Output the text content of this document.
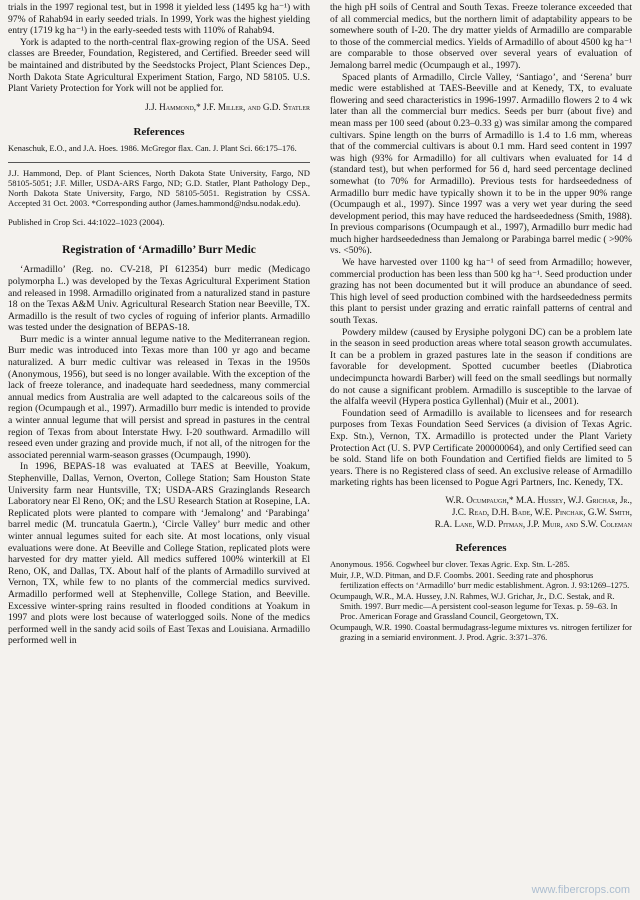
trials in the 1997 regional test, but in 1998 it yielded less (1495 kg ha⁻¹) with 97% of Rahab94 in early seeded trials. In 1999, York was the highest yielding entry (1719 kg ha⁻¹) in the early-seeded tests with 110% of Rahab94.

York is adapted to the north-central flax-growing region of the USA. Seed classes are Breeder, Foundation, Registered, and Certified. Breeder seed will be maintained and distributed by the Seedstocks Project, Plant Sciences Dep., North Dakota State Agricultural Experiment Station, Fargo, ND 58105. U.S. Plant Variety Protection for York will not be applied for.

J.J. Hammond,* J.F. Miller, and G.D. Statler
References

Kenaschuk, E.O., and J.A. Hoes. 1986. McGregor flax. Can. J. Plant Sci. 66:175–176.

J.J. Hammond, Dep. of Plant Sciences, North Dakota State University, Fargo, ND 58105-5051; J.F. Miller, USDA-ARS Fargo, ND; G.D. Statler, Plant Pathology Dep., North Dakota State University, Fargo, ND 58105-5051. Registration by CSSA. Accepted 31 Oct. 2003. *Corresponding author (James.hammond@ndsu.nodak.edu).

Published in Crop Sci. 44:1022–1023 (2004).

Registration of ‘Armadillo’ Burr Medic

‘Armadillo’ (Reg. no. CV-218, PI 612354) burr medic (Medicago polymorpha L.) was developed by the Texas Agricultural Experiment Station and released in 1998. Armadillo originated from a naturalized stand in pasture 18 on the Texas A&M Univ. Agricultural Research Station near Beeville, TX. Armadillo is the result of two cycles of roguing of inferior plants. Armadillo was tested under the designation of BEPAS-18.

Burr medic is a winter annual legume native to the Mediterranean region. Burr medic was introduced into Texas more than 100 yr ago and became naturalized. A burr medic cultivar was released in Texas in the 1950s (Anonymous, 1956), but seed is no longer available. With the exception of the lack of freeze tolerance, and inadequate hard seededness, many commercial annual medics from Australia are well adapted to the calcareous soils of the region (Ocumpaugh et al., 1997). Armadillo burr medic is intended to provide a winter annual legume that will persist and spread in pastures in the central region of Texas from about Interstate Hwy. I-20 southward. Armadillo will reseed even under grazing and provide much, if not all, of the nitrogen for the associated perennial warm-season grasses (Ocumpaugh, 1990).

In 1996, BEPAS-18 was evaluated at TAES at Beeville, Yoakum, Stephenville, Dallas, Vernon, Overton, College Station; Sam Houston State University farm near Huntsville, TX; USDA-ARS Grazinglands Research Laboratory near El Reno, OK; and the LSU Research Station at Rosepine, LA. Replicated plots were planted to compare with ‘Jemalong’ and ‘Parabinga’ barrel medic (M. truncatula Gaertn.), ‘Circle Valley’ burr medic and other winter annual legumes suited for each site. At most locations, only visual evaluations were done. At Beeville and College Station, replicated plots were harvested for dry matter yield. All medics suffered 100% winterkill at El Reno, OK, and Dallas, TX. About half of the plants of Armadillo survived at Vernon, TX, while few to no plants of the commercial medics survived. Armadillo performed well at Stephenville, College Station, and Beeville. Excessive winter-spring rains resulted in flooded conditions at Yoakum in 1997 and plots were lost because of waterlogged soils. None of the medics performed well in the sandy acid soils of East Texas and Louisiana. Armadillo performed well in

the high pH soils of Central and South Texas. Freeze tolerance exceeded that of all commercial medics, but the northern limit of adaptability appears to be somewhere south of I-20. The dry matter yields of Armadillo are comparable to those of the commercial medics. Yields of Armadillo of about 4500 kg ha⁻¹ are comparable to those observed over several years of evaluation of Jemalong barrel medic (Ocumpaugh et al., 1997).

Spaced plants of Armadillo, Circle Valley, ‘Santiago’, and ‘Serena’ burr medic were established at TAES-Beeville and at Kenedy, TX, to evaluate flowering and seed characteristics in 1996-1997. Armadillo flowers 2 to 4 wk later than all the commercial burr medics. Seeds per burr (about five) and mean mass per 100 seed (about 0.23–0.33 g) was similar among the compared cultivars. Spine length on the burrs of Armadillo is 1.4 to 1.6 mm, whereas that of the commercial cultivars is about 0.1 mm. Hard seed content in 1997 was high (93% for Armadillo) for all cultivars when evaluated for 14 d (standard test), but when performed for 56 d, hard seed percentage declined somewhat (to 70% for Armadillo). Previous tests for hardseededness of Armadillo burr medic have typically shown it to be in the upper 90% range (Ocumpaugh et al., 1997). Since 1997 was a very wet year during the seed development period, this may have reduced the hardseededness (Smith, 1988). In previous comparisons (Ocumpaugh et al., 1997), Armadillo burr medic had much higher hardseededness than Jemalong or Parabinga barrel medic ( >90% vs. <50%).

We have harvested over 1100 kg ha⁻¹ of seed from Armadillo; however, commercial production has been less than 500 kg ha⁻¹. Seed production under grazing has not been documented but it will produce an abundance of seed. This high level of seed production combined with the hardseededness permits this plant to persist under grazing and erratic rainfall patterns of central and south Texas.

Powdery mildew (caused by Erysiphe polygoni DC) can be a problem late in the season in seed production areas where total season growth accumulates. It can be a problem in grazed pastures late in the season if conditions are favorable for development. Spotted cucumber beetles (Diabrotica undecimpuncta howardi Barber) will feed on the small seedlings but normally do not cause a significant problem. Armadillo is susceptible to the larvae of the alfalfa weevil (Hypera postica Gyllenhal) (Muir et al., 2001).

Foundation seed of Armadillo is available to licensees and for research purposes from Texas Foundation Seed Services (a division of Texas Agric. Exp. Stn.), Vernon, TX. Armadillo is protected under the Plant Variety Protection Act (U. S. PVP Certificate 200000064), and only Certified seed can be sold. Stand life on both Foundation and Certified fields are limited to 5 years. There is no Registered class of seed. An exclusive release of Armadillo marketing rights has been licensed to Pogue Agri Partners, Inc. Kenedy, TX.

W.R. Ocumpaugh,* M.A. Hussey, W.J. Grichar, Jr.,
J.C. Read, D.H. Bade, W.E. Pinchak, G.W. Smith,
R.A. Lane, W.D. Pitman, J.P. Muir, and S.W. Coleman
References

Anonymous. 1956. Cogwheel bur clover. Texas Agric. Exp. Stn. L-285.

Muir, J.P., W.D. Pitman, and D.F. Coombs. 2001. Seeding rate and phosphorus fertilization effects on ‘Armadillo’ burr medic establishment. Agron. J. 93:1269–1275.

Ocumpaugh, W.R., M.A. Hussey, J.N. Rahmes, W.J. Grichar, Jr., D.C. Sestak, and R. Smith. 1997. Burr medic—A persistent cool-season legume for Texas. p. 59–63. In Proc. American Forage and Grassland Council, Georgetown, TX.

Ocumpaugh, W.R. 1990. Coastal bermudagrass-legume mixtures vs. nitrogen fertilizer for grazing in a semiarid environment. J. Prod. Agric. 3:371–376.

www.fibercrops.com
